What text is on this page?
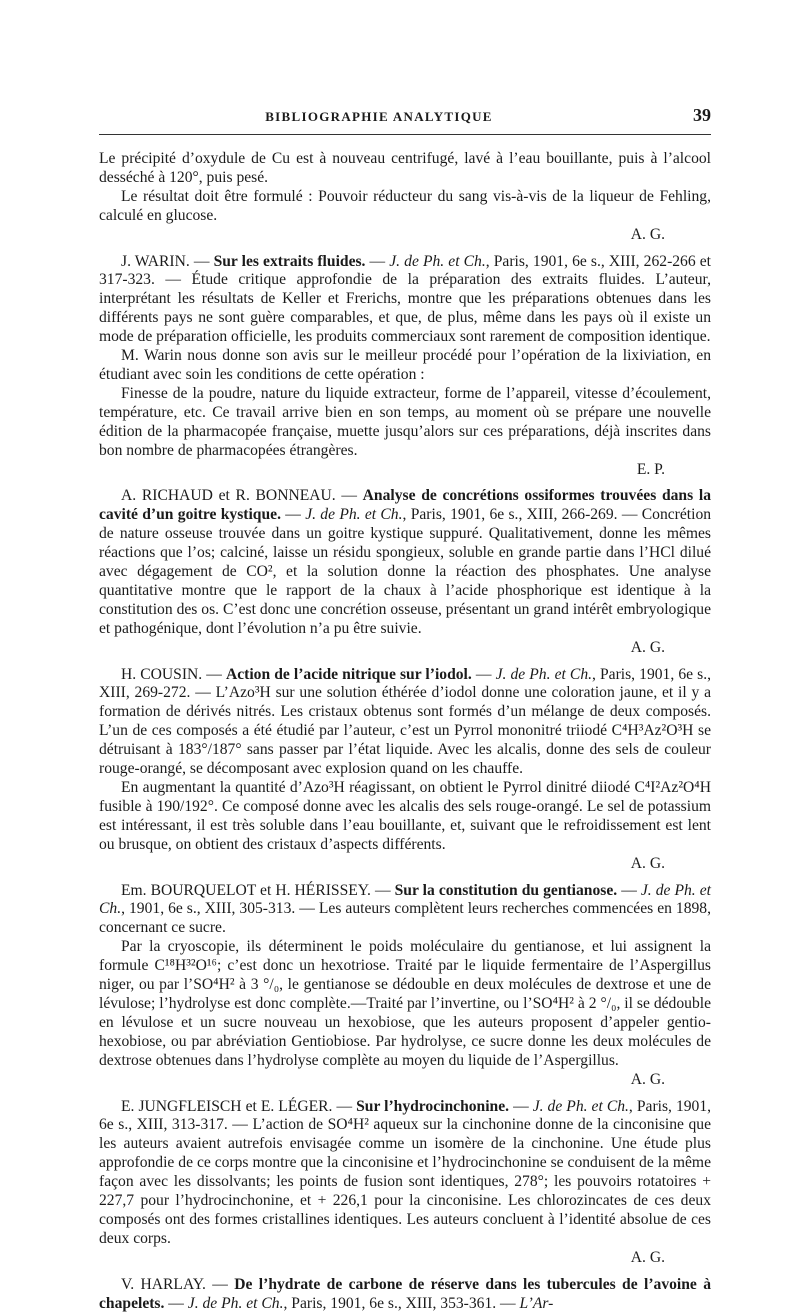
BIBLIOGRAPHIE ANALYTIQUE	39

Le précipité d’oxydule de Cu est à nouveau centrifugé, lavé à l’eau bouillante, puis à l’alcool desséché à 120°, puis pesé.

Le résultat doit être formulé : Pouvoir réducteur du sang vis-à-vis de la liqueur de Fehling, calculé en glucose.

A. G.

J. WARIN. — Sur les extraits fluides. — J. de Ph. et Ch., Paris, 1901, 6e s., XIII, 262-266 et 317-323. — Étude critique approfondie de la préparation des extraits fluides. L’auteur, interprétant les résultats de Keller et Frerichs, montre que les préparations obtenues dans les différents pays ne sont guère comparables, et que, de plus, même dans les pays où il existe un mode de préparation officielle, les produits commerciaux sont rarement de composition identique.

M. Warin nous donne son avis sur le meilleur procédé pour l’opération de la lixiviation, en étudiant avec soin les conditions de cette opération :

Finesse de la poudre, nature du liquide extracteur, forme de l’appareil, vitesse d’écoulement, température, etc. Ce travail arrive bien en son temps, au moment où se prépare une nouvelle édition de la pharmacopée française, muette jusqu’alors sur ces préparations, déjà inscrites dans bon nombre de pharmacopées étrangères.

E. P.

A. RICHAUD et R. BONNEAU. — Analyse de concrétions ossiformes trouvées dans la cavité d’un goitre kystique. — J. de Ph. et Ch., Paris, 1901, 6e s., XIII, 266-269. — Concrétion de nature osseuse trouvée dans un goitre kystique suppuré. Qualitativement, donne les mêmes réactions que l’os; calciné, laisse un résidu spongieux, soluble en grande partie dans l’HCl dilué avec dégagement de CO², et la solution donne la réaction des phosphates. Une analyse quantitative montre que le rapport de la chaux à l’acide phosphorique est identique à la constitution des os. C’est donc une concrétion osseuse, présentant un grand intérêt embryologique et pathogénique, dont l’évolution n’a pu être suivie.

A. G.

H. COUSIN. — Action de l’acide nitrique sur l’iodol. — J. de Ph. et Ch., Paris, 1901, 6e s., XIII, 269-272. — L’Azo³H sur une solution éthérée d’iodol donne une coloration jaune, et il y a formation de dérivés nitrés. Les cristaux obtenus sont formés d’un mélange de deux composés. L’un de ces composés a été étudié par l’auteur, c’est un Pyrrol mononitré triiodé C⁴H³Az²O³H se détruisant à 183°/187° sans passer par l’état liquide. Avec les alcalis, donne des sels de couleur rouge-orangé, se décomposant avec explosion quand on les chauffe.

En augmentant la quantité d’Azo³H réagissant, on obtient le Pyrrol dinitré diiodé C⁴I²Az²O⁴H fusible à 190/192°. Ce composé donne avec les alcalis des sels rouge-orangé. Le sel de potassium est intéressant, il est très soluble dans l’eau bouillante, et, suivant que le refroidissement est lent ou brusque, on obtient des cristaux d’aspects différents.

A. G.

Em. BOURQUELOT et H. HÉRISSEY. — Sur la constitution du gentianose. — J. de Ph. et Ch., 1901, 6e s., XIII, 305-313. — Les auteurs complètent leurs recherches commencées en 1898, concernant ce sucre.

Par la cryoscopie, ils déterminent le poids moléculaire du gentianose, et lui assignent la formule C¹⁸H³²O¹⁶; c’est donc un hexotriose. Traité par le liquide fermentaire de l’Aspergillus niger, ou par l’SO⁴H² à 3 °/₀, le gentianose se dédouble en deux molécules de dextrose et une de lévulose; l’hydrolyse est donc complète.—Traité par l’invertine, ou l’SO⁴H² à 2 °/₀, il se dédouble en lévulose et un sucre nouveau un hexobiose, que les auteurs proposent d’appeler gentio-hexobiose, ou par abréviation Gentiobiose. Par hydrolyse, ce sucre donne les deux molécules de dextrose obtenues dans l’hydrolyse complète au moyen du liquide de l’Aspergillus.

A. G.

E. JUNGFLEISCH et E. LÉGER. — Sur l’hydrocinchonine. — J. de Ph. et Ch., Paris, 1901, 6e s., XIII, 313-317. — L’action de SO⁴H² aqueux sur la cinchonine donne de la cinconisine que les auteurs avaient autrefois envisagée comme un isomère de la cinchonine. Une étude plus approfondie de ce corps montre que la cinconisine et l’hydrocinchonine se conduisent de la même façon avec les dissolvants; les points de fusion sont identiques, 278°; les pouvoirs rotatoires + 227,7 pour l’hydrocinchonine, et + 226,1 pour la cinconisine. Les chlorozincates de ces deux composés ont des formes cristallines identiques. Les auteurs concluent à l’identité absolue de ces deux corps.

A. G.

V. HARLAY. — De l’hydrate de carbone de réserve dans les tubercules de l’avoine à chapelets. — J. de Ph. et Ch., Paris, 1901, 6e s., XIII, 353-361. — L’Ar-
